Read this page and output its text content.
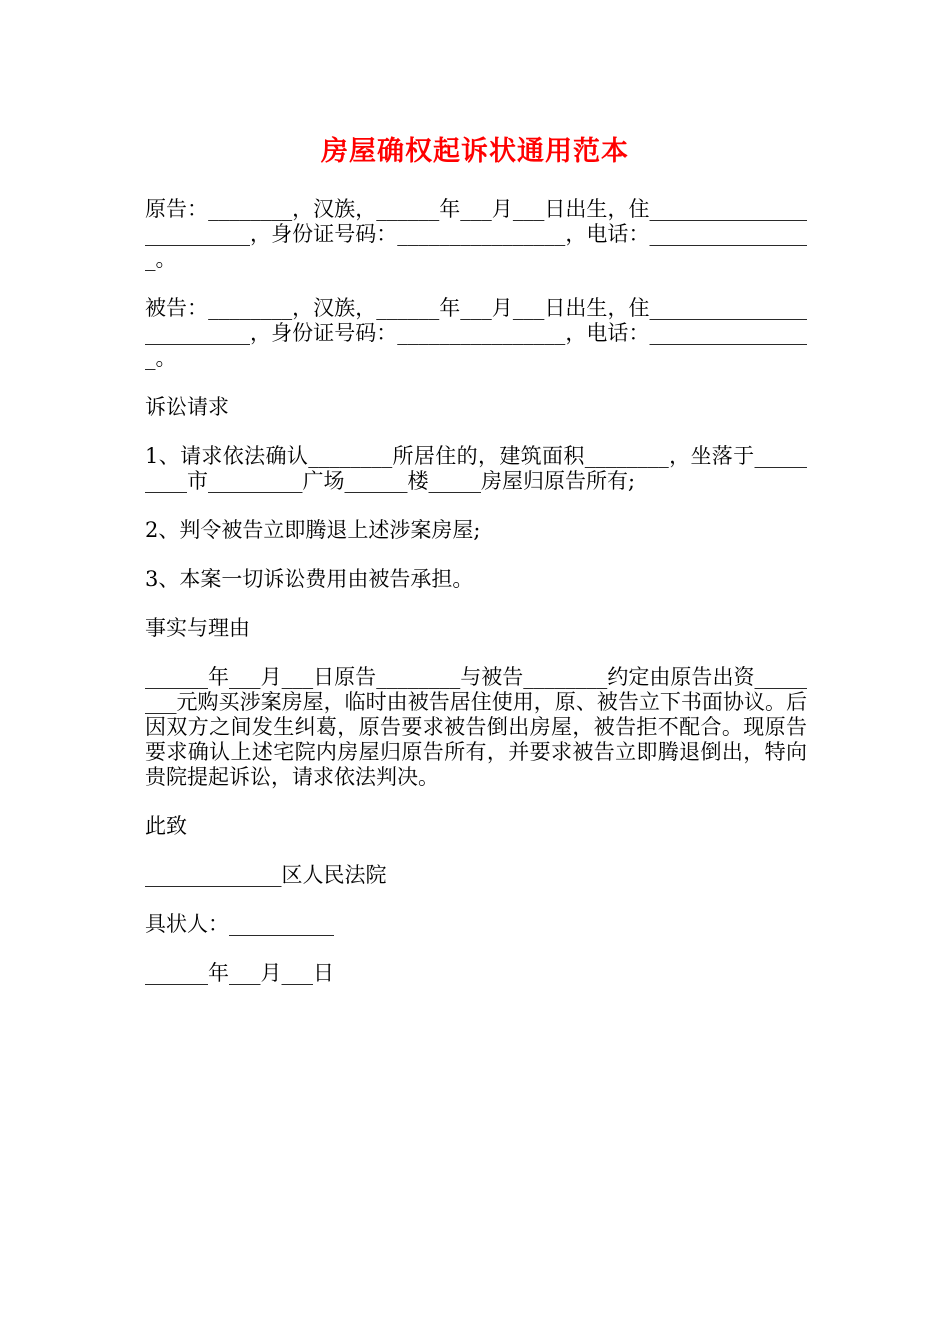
房屋确权起诉状通用范本

原告：________，汉族，______年___月___日出生，住_________________________，身份证号码：________________，电话：________________。

被告：________，汉族，______年___月___日出生，住_________________________，身份证号码：________________，电话：________________。

诉讼请求

1、请求依法确认________所居住的，建筑面积________，坐落于_________市_________广场______楼_____房屋归原告所有;

2、判令被告立即腾退上述涉案房屋;

3、本案一切诉讼费用由被告承担。

事实与理由

______年___月___日原告________与被告________约定由原告出资________元购买涉案房屋，临时由被告居住使用，原、被告立下书面协议。后因双方之间发生纠葛，原告要求被告倒出房屋，被告拒不配合。现原告要求确认上述宅院内房屋归原告所有，并要求被告立即腾退倒出，特向贵院提起诉讼，请求依法判决。

此致

_____________区人民法院

具状人：__________

______年___月___日
